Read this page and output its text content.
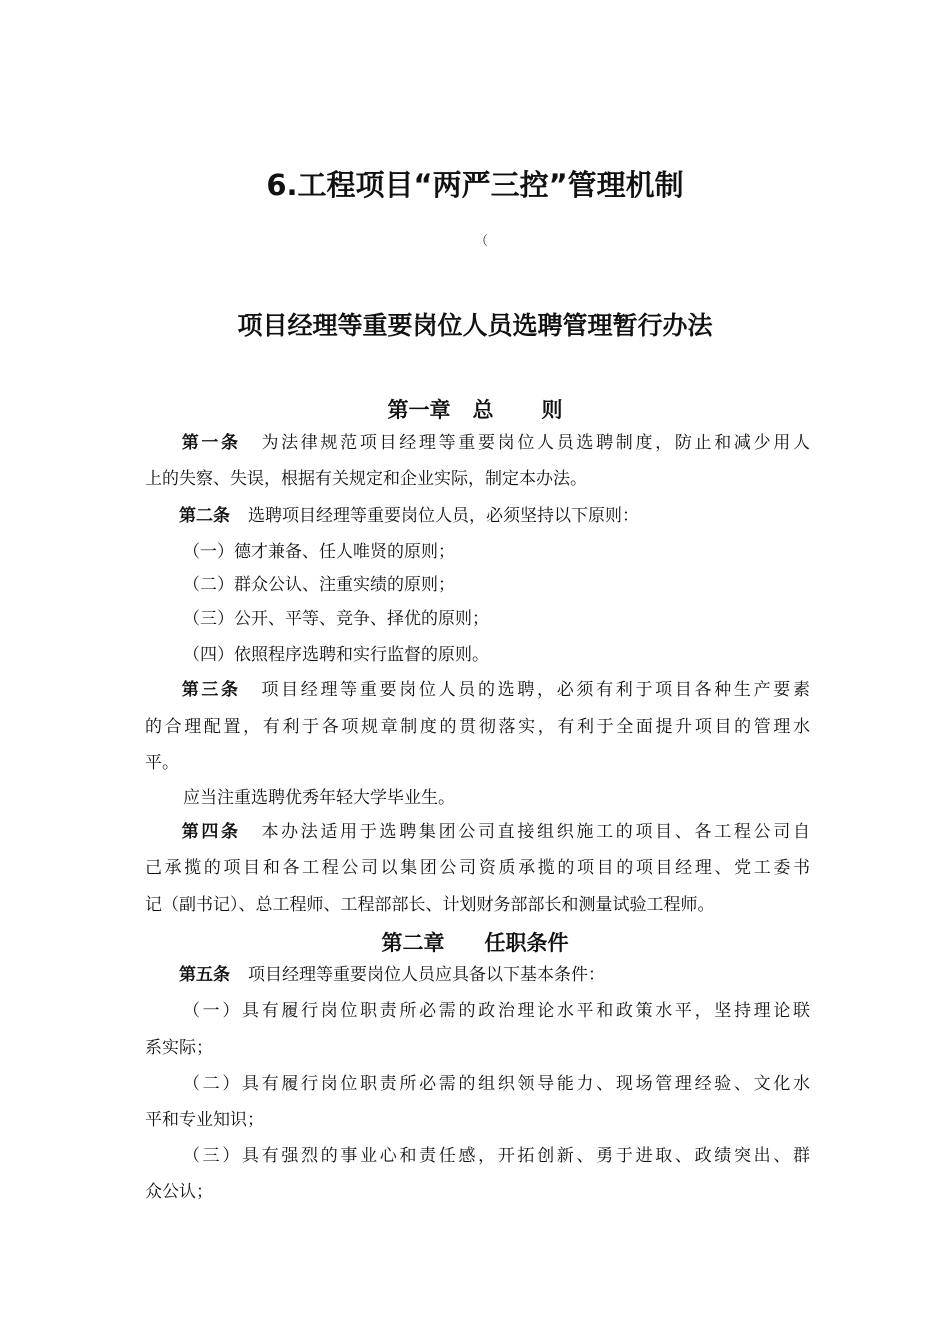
6.工程项目“两严三控”管理机制
（
项目经理等重要岗位人员选聘管理暂行办法
第一章 总 则
第一条 为法律规范项目经理等重要岗位人员选聘制度，防止和减少用人
上的失察、失误，根据有关规定和企业实际，制定本办法。
第二条 选聘项目经理等重要岗位人员，必须坚持以下原则：
（一）德才兼备、任人唯贤的原则；
（二）群众公认、注重实绩的原则；
（三）公开、平等、竞争、择优的原则；
（四）依照程序选聘和实行监督的原则。
第三条 项目经理等重要岗位人员的选聘，必须有利于项目各种生产要素
的合理配置，有利于各项规章制度的贯彻落实，有利于全面提升项目的管理水
平。
应当注重选聘优秀年轻大学毕业生。
第四条 本办法适用于选聘集团公司直接组织施工的项目、各工程公司自
己承揽的项目和各工程公司以集团公司资质承揽的项目的项目经理、党工委书
记（副书记）、总工程师、工程部部长、计划财务部部长和测量试验工程师。
第二章 任职条件
第五条 项目经理等重要岗位人员应具备以下基本条件：
（一）具有履行岗位职责所必需的政治理论水平和政策水平，坚持理论联
系实际；
（二）具有履行岗位职责所必需的组织领导能力、现场管理经验、文化水
平和专业知识；
（三）具有强烈的事业心和责任感，开拓创新、勇于进取、政绩突出、群
众公认；
